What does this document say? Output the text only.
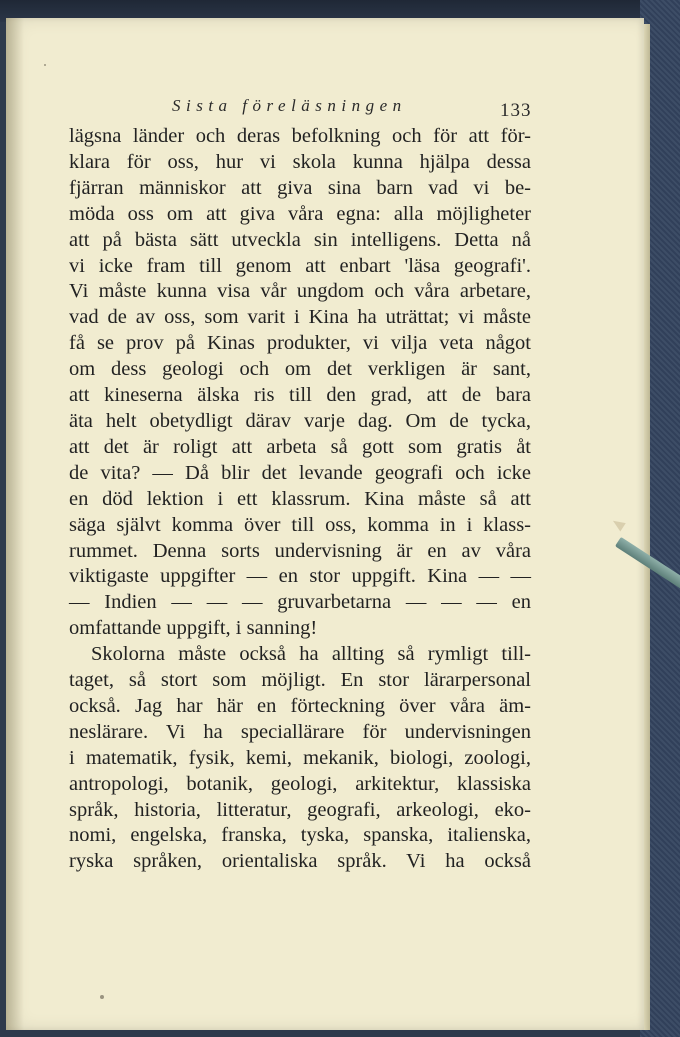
Sista föreläsningen	133
lägsna länder och deras befolkning och för att för-
klara för oss, hur vi skola kunna hjälpa dessa
fjärran människor att giva sina barn vad vi be-
möda oss om att giva våra egna: alla möjligheter
att på bästa sätt utveckla sin intelligens. Detta nå
vi icke fram till genom att enbart 'läsa geografi'.
Vi måste kunna visa vår ungdom och våra arbetare,
vad de av oss, som varit i Kina ha uträttat; vi måste
få se prov på Kinas produkter, vi vilja veta något
om dess geologi och om det verkligen är sant,
att kineserna älska ris till den grad, att de bara
äta helt obetydligt därav varje dag. Om de tycka,
att det är roligt att arbeta så gott som gratis åt
de vita? — Då blir det levande geografi och icke
en död lektion i ett klassrum. Kina måste så att
säga självt komma över till oss, komma in i klass-
rummet. Denna sorts undervisning är en av våra
viktigaste uppgifter — en stor uppgift. Kina — —
— Indien — — — gruvarbetarna — — — en
omfattande uppgift, i sanning!
Skolorna måste också ha allting så rymligt till-
taget, så stort som möjligt. En stor lärarpersonal
också. Jag har här en förteckning över våra äm-
neslärare. Vi ha speciallärare för undervisningen
i matematik, fysik, kemi, mekanik, biologi, zoologi,
antropologi, botanik, geologi, arkitektur, klassiska
språk, historia, litteratur, geografi, arkeologi, eko-
nomi, engelska, franska, tyska, spanska, italienska,
ryska språken, orientaliska språk. Vi ha också
